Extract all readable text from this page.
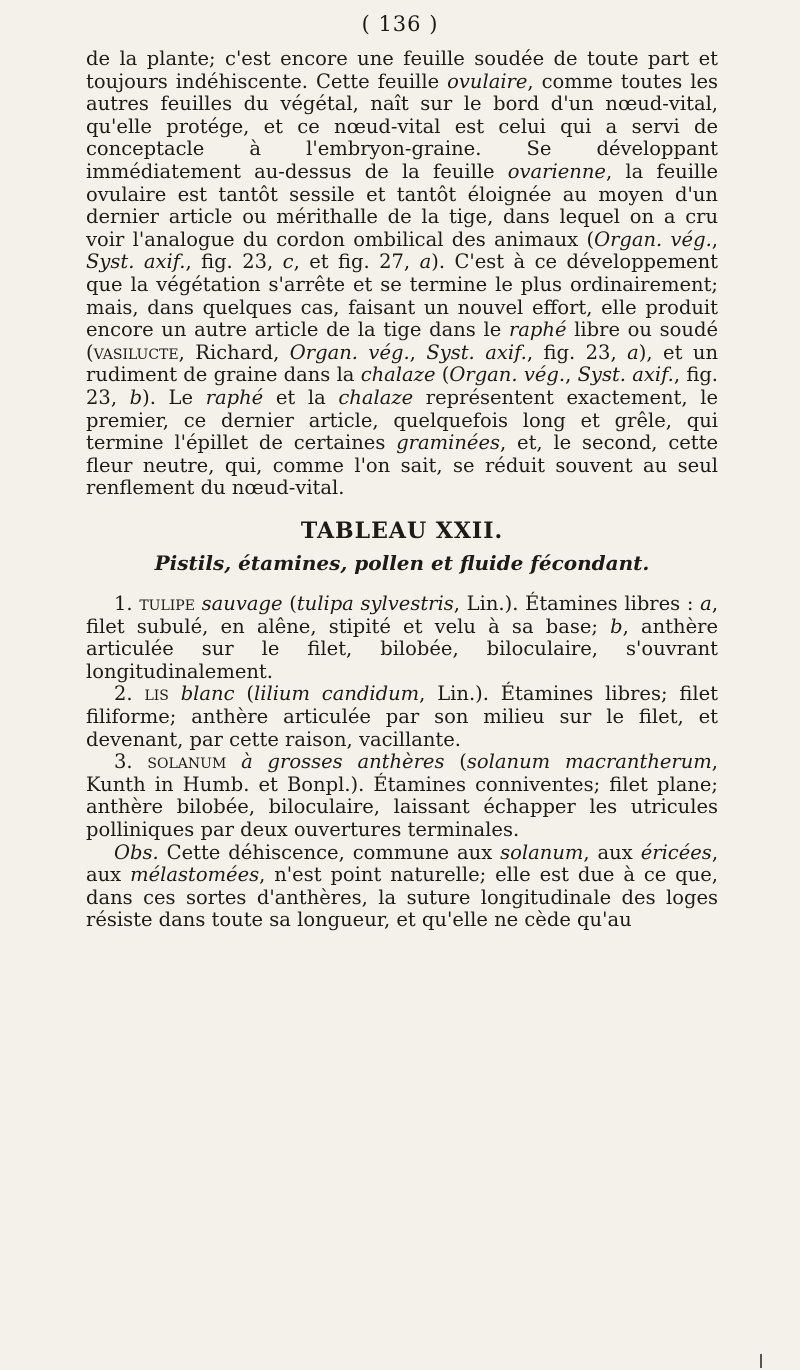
( 136 )

de la plante; c'est encore une feuille soudée de toute part et toujours indéhiscente. Cette feuille ovulaire, comme toutes les autres feuilles du végétal, naît sur le bord d'un nœud-vital, qu'elle protége, et ce nœud-vital est celui qui a servi de conceptacle à l'embryon-graine. Se développant immédiatement au-dessus de la feuille ovarienne, la feuille ovulaire est tantôt sessile et tantôt éloignée au moyen d'un dernier article ou mérithalle de la tige, dans lequel on a cru voir l'analogue du cordon ombilical des animaux (Organ. vég., Syst. axif., fig. 23, c, et fig. 27, a). C'est à ce développement que la végétation s'arrête et se termine le plus ordinairement; mais, dans quelques cas, faisant un nouvel effort, elle produit encore un autre article de la tige dans le raphé libre ou soudé (vasilucte, Richard, Organ. vég., Syst. axif., fig. 23, a), et un rudiment de graine dans la chalaze (Organ. vég., Syst. axif., fig. 23, b). Le raphé et la chalaze représentent exactement, le premier, ce dernier article, quelquefois long et grêle, qui termine l'épillet de certaines graminées, et, le second, cette fleur neutre, qui, comme l'on sait, se réduit souvent au seul renflement du nœud-vital.

TABLEAU XXII.
Pistils, étamines, pollen et fluide fécondant.

1. tulipe sauvage (tulipa sylvestris, Lin.). Étamines libres : a, filet subulé, en alêne, stipité et velu à sa base; b, anthère articulée sur le filet, bilobée, biloculaire, s'ouvrant longitudinalement.

2. lis blanc (lilium candidum, Lin.). Étamines libres; filet filiforme; anthère articulée par son milieu sur le filet, et devenant, par cette raison, vacillante.

3. solanum à grosses anthères (solanum macrantherum, Kunth in Humb. et Bonpl.). Étamines conniventes; filet plane; anthère bilobée, biloculaire, laissant échapper les utricules polliniques par deux ouvertures terminales.

Obs. Cette déhiscence, commune aux solanum, aux éricées, aux mélastomées, n'est point naturelle; elle est due à ce que, dans ces sortes d'anthères, la suture longitudinale des loges résiste dans toute sa longueur, et qu'elle ne cède qu'au
